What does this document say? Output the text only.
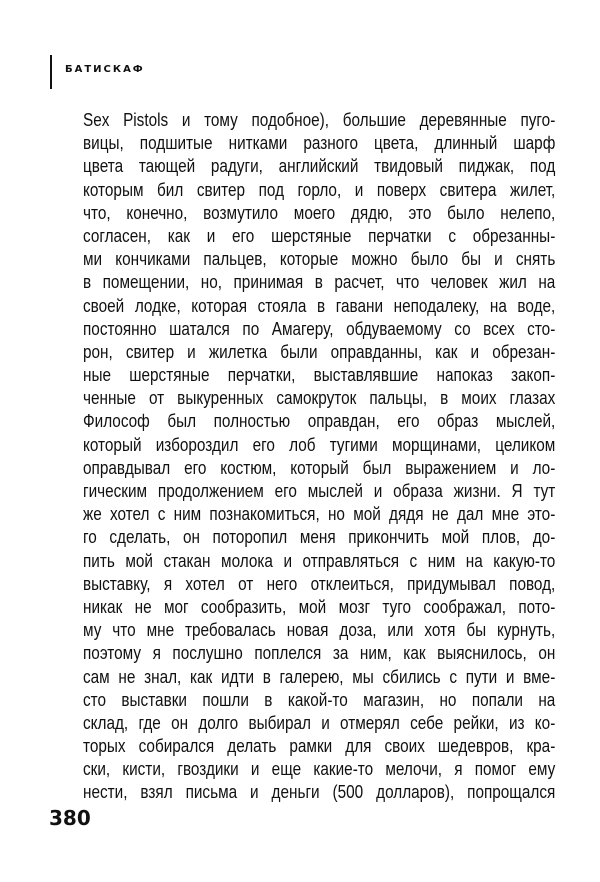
БАТИСКАФ
Sex Pistols и тому подобное), большие деревянные пуго-
вицы, подшитые нитками разного цвета, длинный шарф
цвета тающей радуги, английский твидовый пиджак, под
которым бил свитер под горло, и поверх свитера жилет,
что, конечно, возмутило моего дядю, это было нелепо,
согласен, как и его шерстяные перчатки с обрезанны-
ми кончиками пальцев, которые можно было бы и снять
в помещении, но, принимая в расчет, что человек жил на
своей лодке, которая стояла в гавани неподалеку, на воде,
постоянно шатался по Амагеру, обдуваемому со всех сто-
рон, свитер и жилетка были оправданны, как и обрезан-
ные шерстяные перчатки, выставлявшие напоказ закоп-
ченные от выкуренных самокруток пальцы, в моих глазах
Философ был полностью оправдан, его образ мыслей,
который избороздил его лоб тугими морщинами, целиком
оправдывал его костюм, который был выражением и ло-
гическим продолжением его мыслей и образа жизни. Я тут
же хотел с ним познакомиться, но мой дядя не дал мне это-
го сделать, он поторопил меня прикончить мой плов, до-
пить мой стакан молока и отправляться с ним на какую-то
выставку, я хотел от него отклеиться, придумывал повод,
никак не мог сообразить, мой мозг туго соображал, пото-
му что мне требовалась новая доза, или хотя бы курнуть,
поэтому я послушно поплелся за ним, как выяснилось, он
сам не знал, как идти в галерею, мы сбились с пути и вме-
сто выставки пошли в какой-то магазин, но попали на
склад, где он долго выбирал и отмерял себе рейки, из ко-
торых собирался делать рамки для своих шедевров, кра-
ски, кисти, гвоздики и еще какие-то мелочи, я помог ему
нести, взял письма и деньги (500 долларов), попрощался
380
